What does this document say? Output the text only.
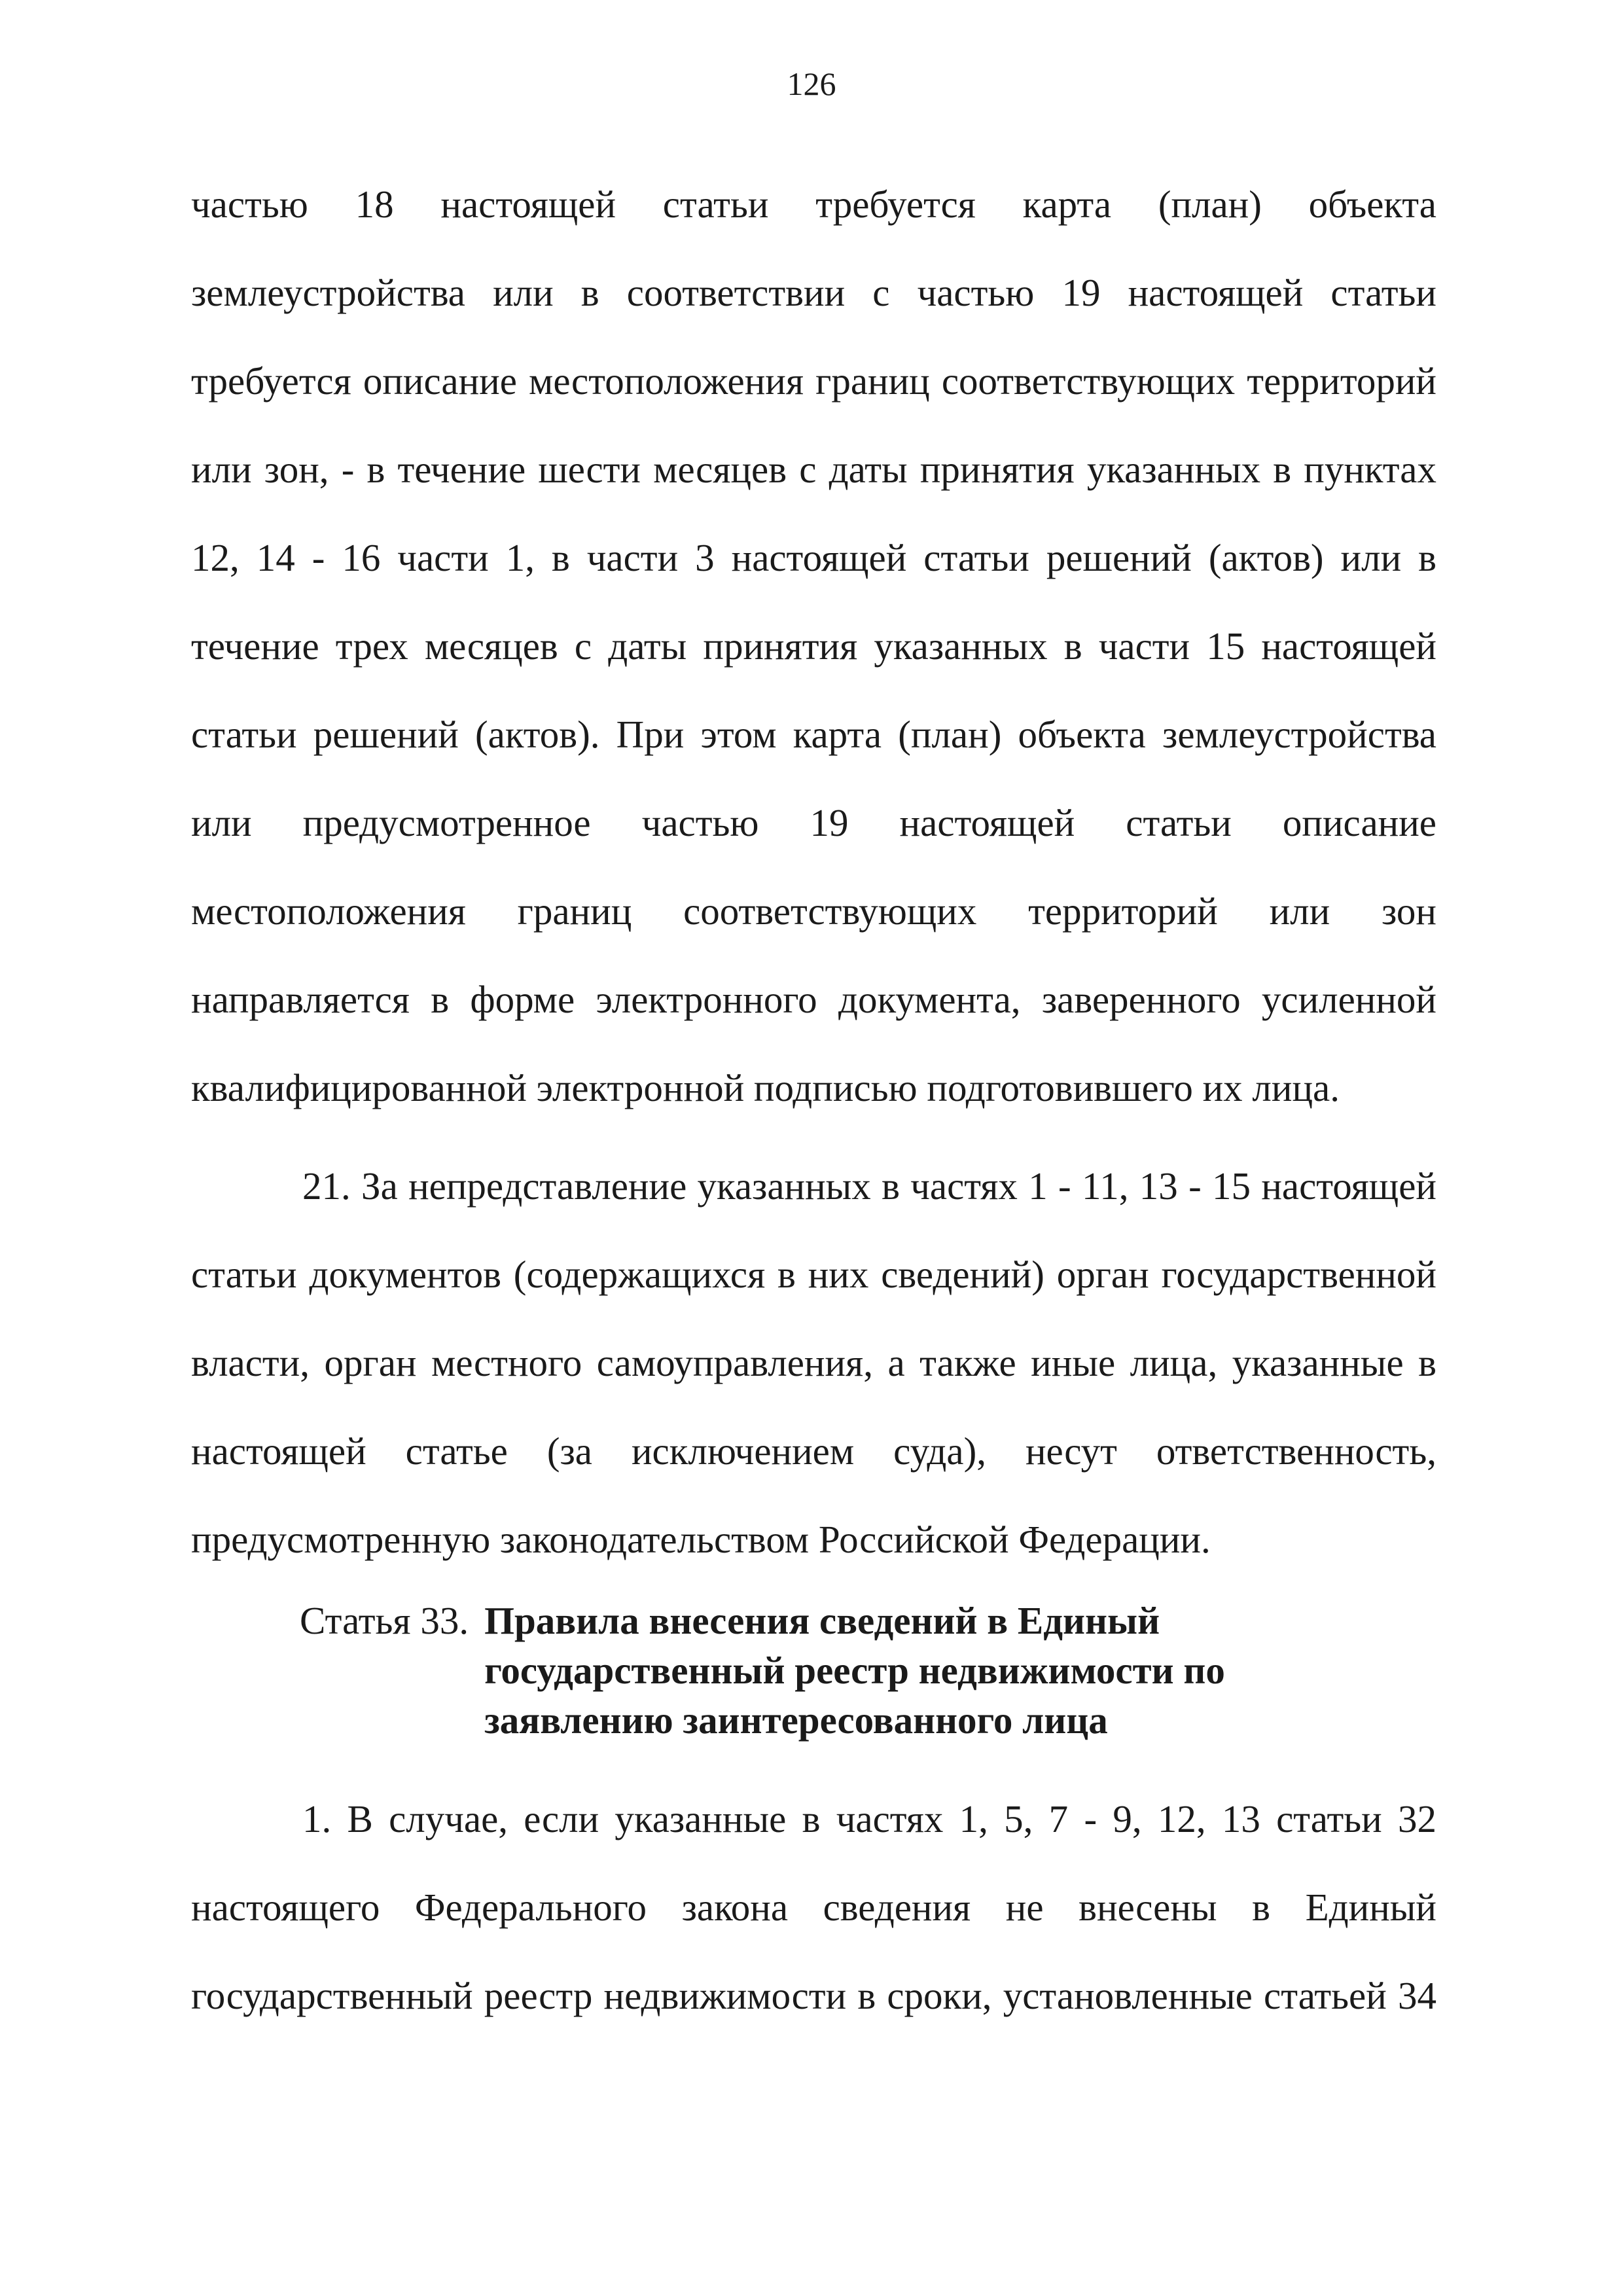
126
частью 18 настоящей статьи требуется карта (план) объекта
землеустройства или в соответствии с частью 19 настоящей статьи
требуется описание местоположения границ соответствующих территорий
или зон, - в течение шести месяцев с даты принятия указанных в пунктах
12, 14 - 16 части 1, в части 3 настоящей статьи решений (актов) или в
течение трех месяцев с даты принятия указанных в части 15 настоящей
статьи решений (актов). При этом карта (план) объекта землеустройства
или предусмотренное частью 19 настоящей статьи описание
местоположения границ соответствующих территорий или зон
направляется в форме электронного документа, заверенного усиленной
квалифицированной электронной подписью подготовившего их лица.
21. За непредставление указанных в частях 1 - 11, 13 - 15 настоящей
статьи документов (содержащихся в них сведений) орган государственной
власти, орган местного самоуправления, а также иные лица, указанные в
настоящей статье (за исключением суда), несут ответственность,
предусмотренную законодательством Российской Федерации.
Статья 33. Правила внесения сведений в Единый
государственный реестр недвижимости по
заявлению заинтересованного лица
1. В случае, если указанные в частях 1, 5, 7 - 9, 12, 13 статьи 32
настоящего Федерального закона сведения не внесены в Единый
государственный реестр недвижимости в сроки, установленные статьей 34
